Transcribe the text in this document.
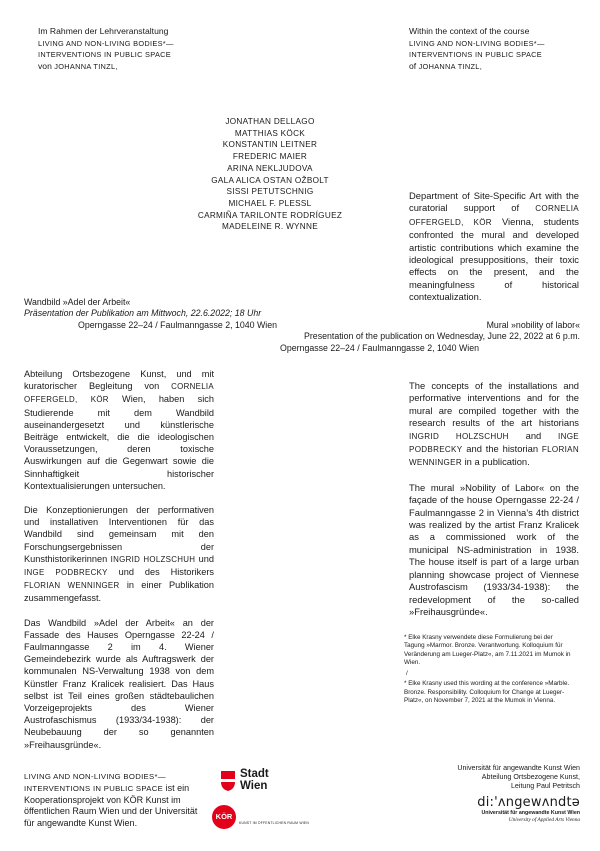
Im Rahmen der Lehrveranstaltung
LIVING AND NON-LIVING BODIES*—
INTERVENTIONS IN PUBLIC SPACE
von JOHANNA TINZL,
Within the context of the course
LIVING AND NON-LIVING BODIES*—
INTERVENTIONS IN PUBLIC SPACE
of JOHANNA TINZL,
JONATHAN DELLAGO
MATTHIAS KÖCK
KONSTANTIN LEITNER
FREDERIC MAIER
ARINA NEKLJUDOVA
GALA ALICA OSTAN OŽBOLT
SISSI PETUTSCHNIG
MICHAEL F. PLESSL
CARMIÑA TARILONTE RODRÍGUEZ
MADELEINE R. WYNNE
Department of Site-Specific Art with the curatorial support of CORNELIA OFFERGELD, KÖR Vienna, students confronted the mural and developed artistic contributions which examine the ideological presuppositions, their toxic effects on the present, and the meaningfulness of historical contextualization.
Wandbild »Adel der Arbeit«
Präsentation der Publikation am Mittwoch, 22.6.2022; 18 Uhr
Operngasse 22–24 / Faulmanngasse 2, 1040 Wien	Mural »nobility of labor«
Presentation of the publication on Wednesday, June 22, 2022 at 6 p.m.
Operngasse 22–24 / Faulmanngasse 2, 1040 Wien

Abteilung Ortsbezogene Kunst, und mit kuratorischer Begleitung von CORNELIA OFFERGELD, KÖR Wien, haben sich Studierende mit dem Wandbild auseinandergesetzt und künstlerische Beiträge entwickelt, die die ideologischen Voraussetzungen, deren toxische Auswirkungen auf die Gegenwart sowie die Sinnhaftigkeit historischer Kontextualisierungen untersuchen.

Die Konzeptionierungen der performativen und installativen Interventionen für das Wandbild sind gemeinsam mit den Forschungsergebnissen der Kunsthistorikerinnen INGRID HOLZSCHUH und INGE PODBRECKY und des Historikers FLORIAN WENNINGER in einer Publikation zusammengefasst.

Das Wandbild »Adel der Arbeit« an der Fassade des Hauses Operngasse 22-24 / Faulmanngasse 2 im 4. Wiener Gemeindebezirk wurde als Auftragswerk der kommunalen NS-Verwaltung 1938 von dem Künstler Franz Kralicek realisiert. Das Haus selbst ist Teil eines großen städtebaulichen Vorzeigeprojekts des Wiener Austrofaschismus (1933/34-1938): der Neubebauung der so genannten »Freihausgründe«.

The concepts of the installations and performative interventions and for the mural are compiled together with the research results of the art historians INGRID HOLZSCHUH and INGE PODBRECKY and the historian FLORIAN WENNINGER in a publication.

The mural »Nobility of Labor« on the façade of the house Operngasse 22-24 / Faulmanngasse 2 in Vienna’s 4th district was realized by the artist Franz Kralicek as a commissioned work of the municipal NS-administration in 1938. The house itself is part of a large urban planning showcase project of Viennese Austrofascism (1933/34-1938): the redevelopment of the so-called »Freihausgründe«.

* Elke Krasny verwendete diese Formulierung bei der Tagung »Marmor. Bronze. Verantwortung. Kolloquium für Veränderung am Lueger-Platz«, am 7.11.2021 im Mumok in Wien.
/
* Elke Krasny used this wording at the conference »Marble. Bronze. Responsibility. Colloquium for Change at Lueger-Platz«, on November 7, 2021 at the Mumok in Vienna.
LIVING AND NON-LIVING BODIES*—
INTERVENTIONS IN PUBLIC SPACE ist ein Kooperationsprojekt von KÖR Kunst im öffentlichen Raum Wien und der Universität für angewandte Kunst Wien.
Stadt
Wien
KÖR
KUNST IM ÖFFENTLICHEN RAUM WIEN
Universität für angewandte Kunst Wien
Abteilung Ortsbezogene Kunst,
Leitung Paul Petritsch
di:'ʌngewʌndtə
Universität für angewandte Kunst Wien
University of Applied Arts Vienna
